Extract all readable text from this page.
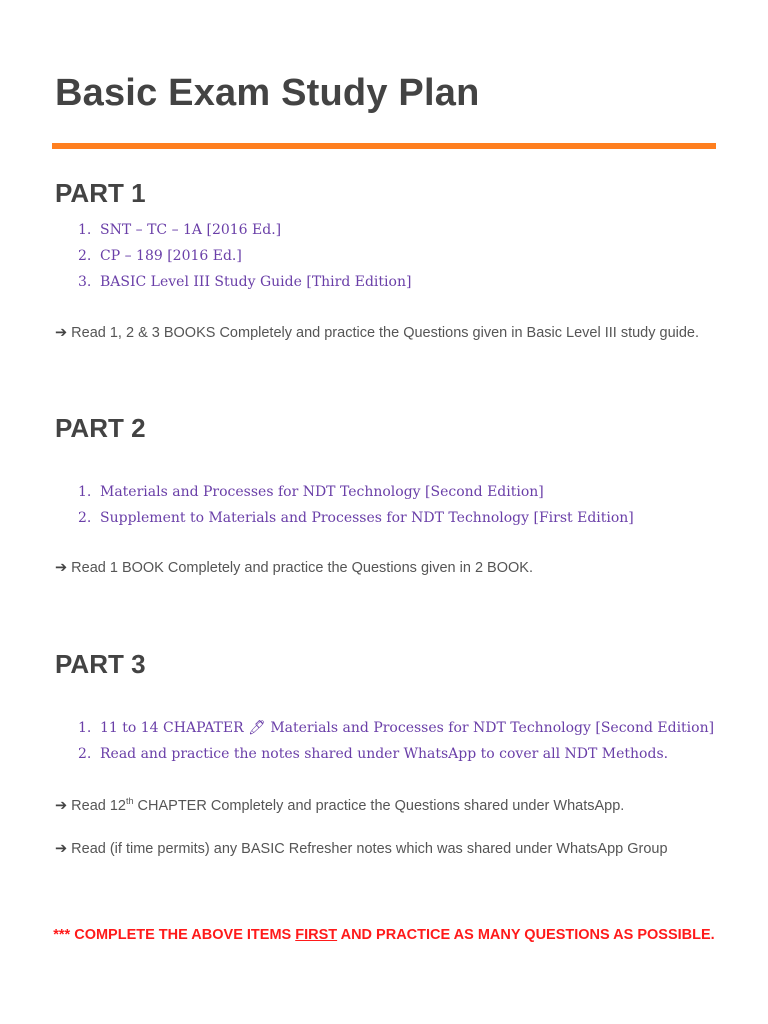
Basic Exam Study Plan
PART 1
1. SNT – TC – 1A [2016 Ed.]
2. CP – 189 [2016 Ed.]
3. BASIC Level III Study Guide [Third Edition]
➔ Read 1, 2 & 3 BOOKS Completely and practice the Questions given in Basic Level III study guide.
PART 2
1. Materials and Processes for NDT Technology [Second Edition]
2. Supplement to Materials and Processes for NDT Technology [First Edition]
➔ Read 1 BOOK Completely and practice the Questions given in 2 BOOK.
PART 3
1. 11 to 14 CHAPATER 🖊 Materials and Processes for NDT Technology [Second Edition]
2. Read and practice the notes shared under WhatsApp to cover all NDT Methods.
➔ Read 12th CHAPTER Completely and practice the Questions shared under WhatsApp.
➔ Read (if time permits) any BASIC Refresher notes which was shared under WhatsApp Group
*** COMPLETE THE ABOVE ITEMS FIRST AND PRACTICE AS MANY QUESTIONS AS POSSIBLE.
